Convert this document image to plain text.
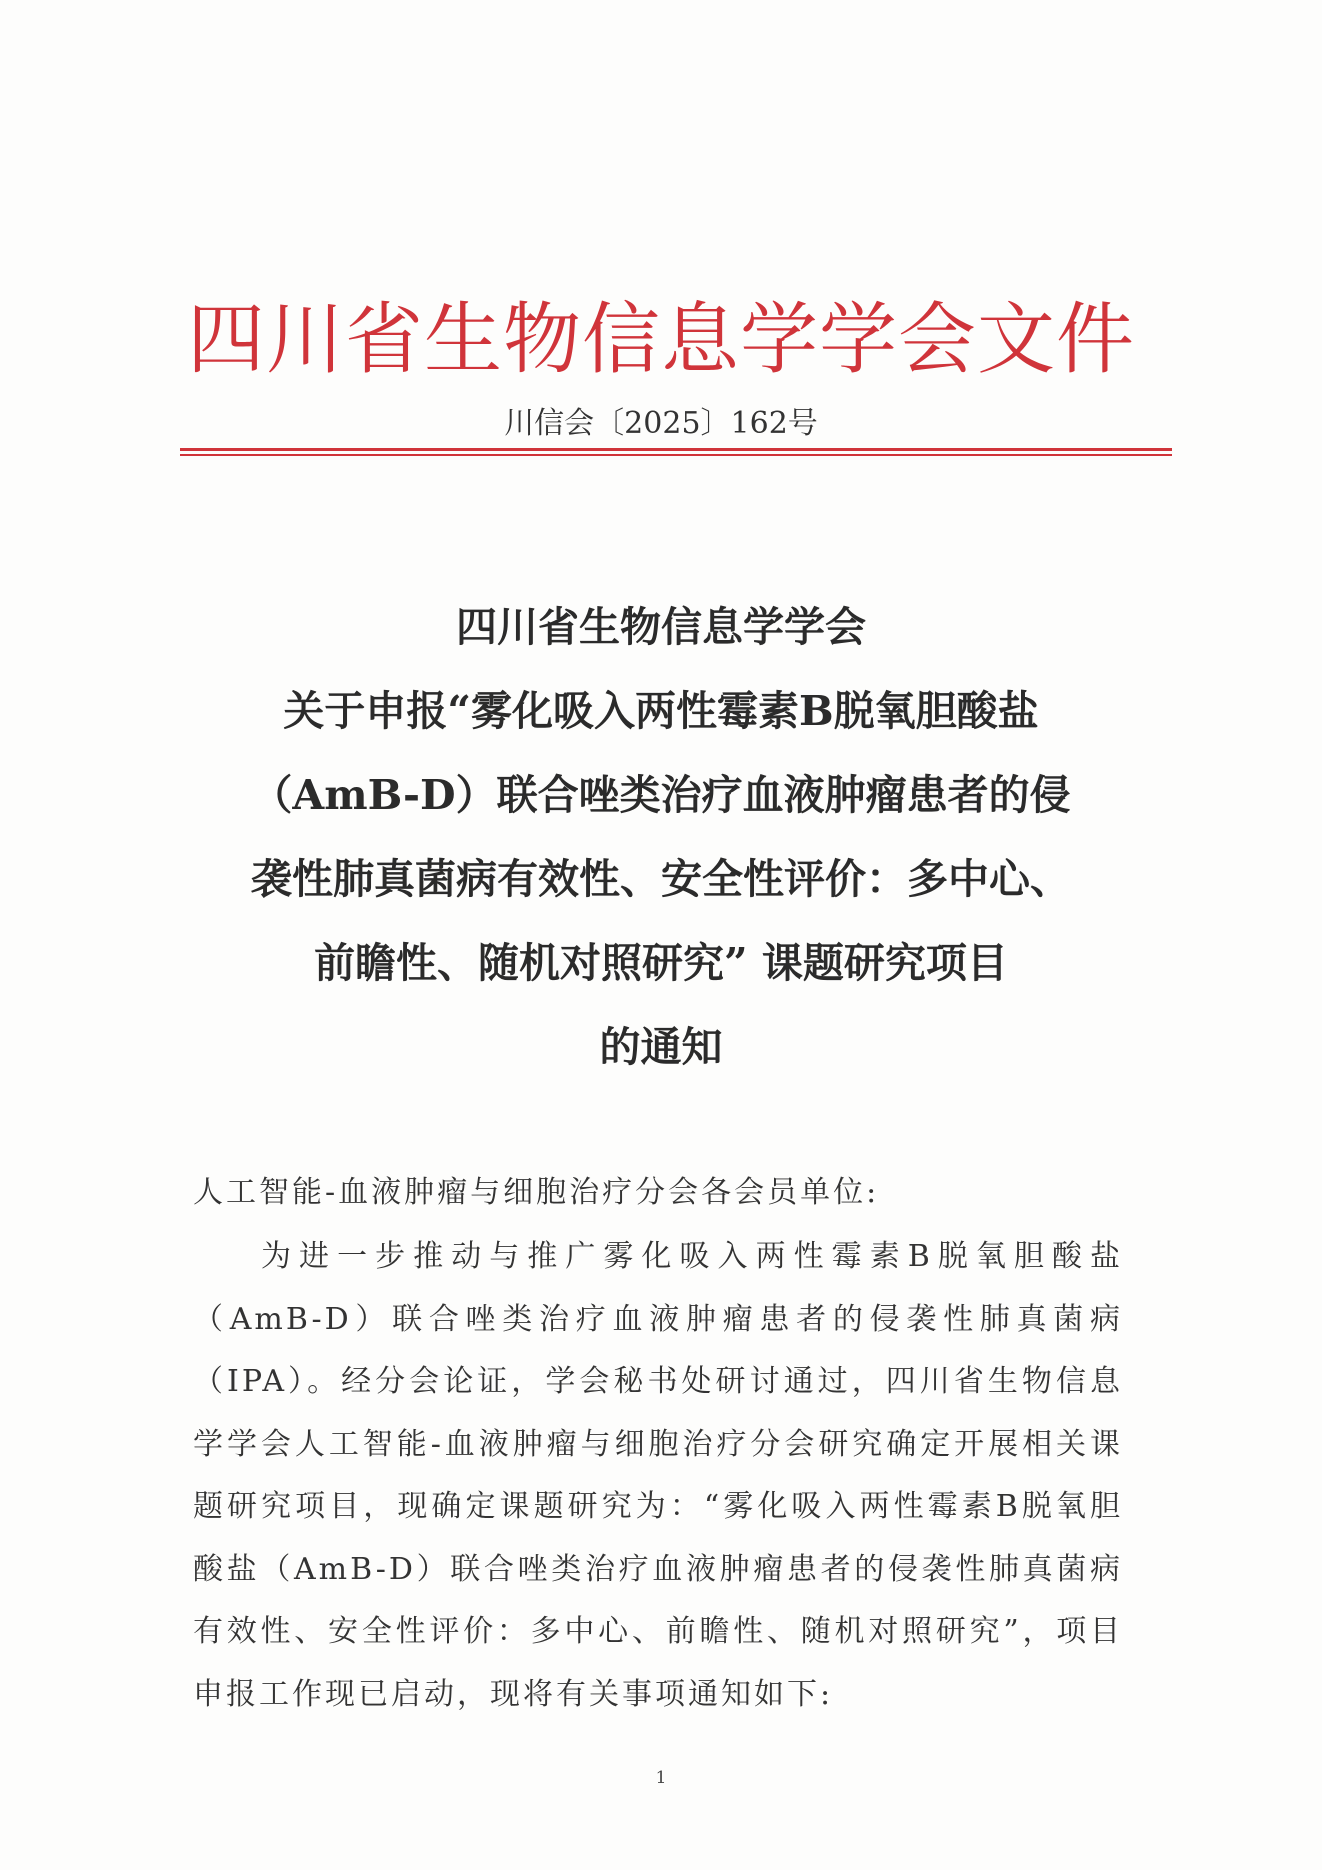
四川省生物信息学学会文件
川信会〔2025〕162号
四川省生物信息学学会
关于申报“雾化吸入两性霉素B脱氧胆酸盐
（AmB-D）联合唑类治疗血液肿瘤患者的侵
袭性肺真菌病有效性、安全性评价：多中心、
前瞻性、随机对照研究” 课题研究项目
的通知
人工智能-血液肿瘤与细胞治疗分会各会员单位:
为进一步推动与推广雾化吸入两性霉素B脱氧胆酸盐（AmB-D）联合唑类治疗血液肿瘤患者的侵袭性肺真菌病（IPA）。经分会论证，学会秘书处研讨通过，四川省生物信息学学会人工智能-血液肿瘤与细胞治疗分会研究确定开展相关课题研究项目，现确定课题研究为：“雾化吸入两性霉素B脱氧胆酸盐（AmB-D）联合唑类治疗血液肿瘤患者的侵袭性肺真菌病有效性、安全性评价：多中心、前瞻性、随机对照研究”，项目申报工作现已启动，现将有关事项通知如下:
1
